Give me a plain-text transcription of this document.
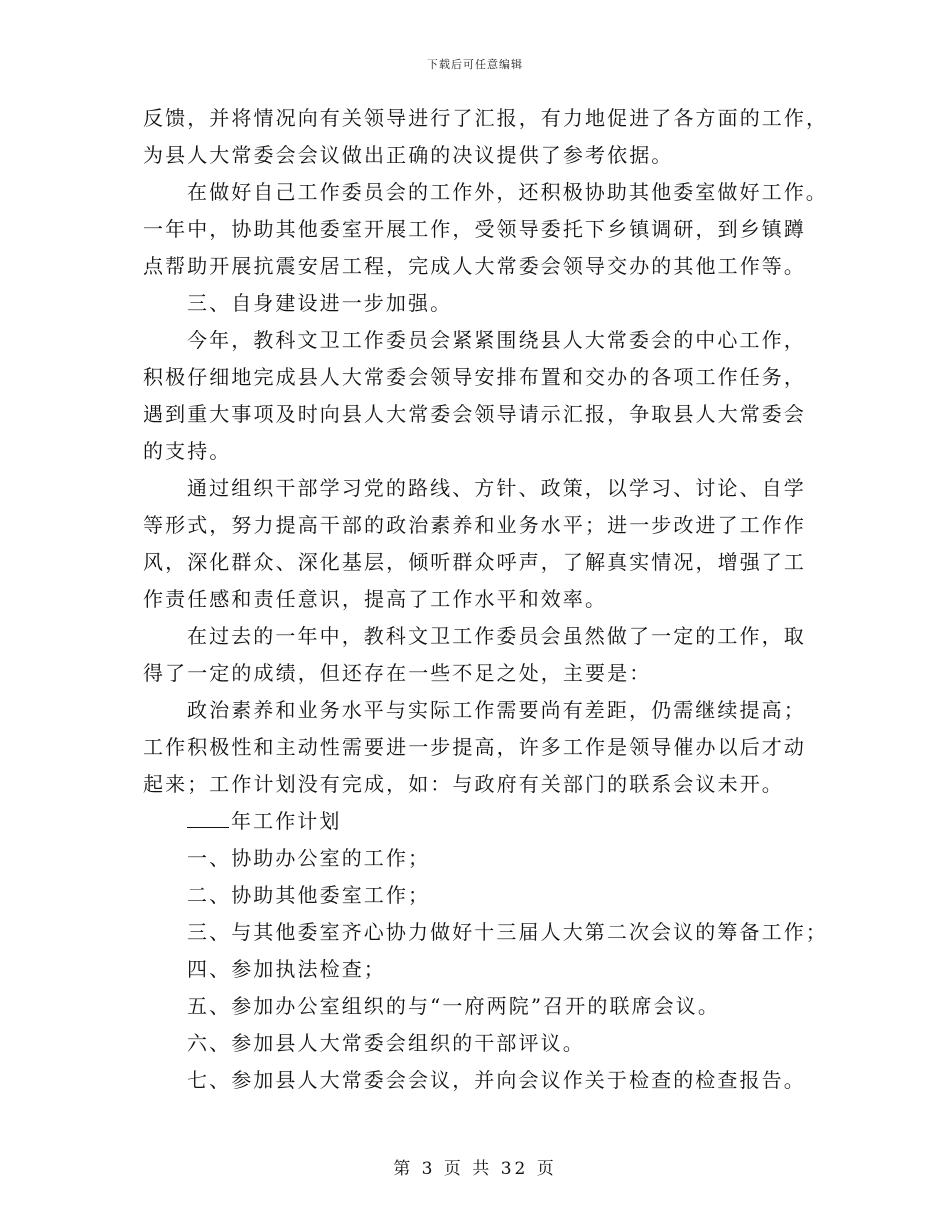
下载后可任意编辑
反馈，并将情况向有关领导进行了汇报，有力地促进了各方面的工作，
为县人大常委会会议做出正确的决议提供了参考依据。
在做好自己工作委员会的工作外，还积极协助其他委室做好工作。
一年中，协助其他委室开展工作，受领导委托下乡镇调研，到乡镇蹲
点帮助开展抗震安居工程，完成人大常委会领导交办的其他工作等。
三、自身建设进一步加强。
今年，教科文卫工作委员会紧紧围绕县人大常委会的中心工作，
积极仔细地完成县人大常委会领导安排布置和交办的各项工作任务，
遇到重大事项及时向县人大常委会领导请示汇报，争取县人大常委会
的支持。
通过组织干部学习党的路线、方针、政策，以学习、讨论、自学
等形式，努力提高干部的政治素养和业务水平；进一步改进了工作作
风，深化群众、深化基层，倾听群众呼声，了解真实情况，增强了工
作责任感和责任意识，提高了工作水平和效率。
在过去的一年中，教科文卫工作委员会虽然做了一定的工作，取
得了一定的成绩，但还存在一些不足之处，主要是：
政治素养和业务水平与实际工作需要尚有差距，仍需继续提高；
工作积极性和主动性需要进一步提高，许多工作是领导催办以后才动
起来；工作计划没有完成，如：与政府有关部门的联系会议未开。
年工作计划
一、协助办公室的工作；
二、协助其他委室工作；
三、与其他委室齐心协力做好十三届人大第二次会议的筹备工作；
四、参加执法检查；
五、参加办公室组织的与“一府两院”召开的联席会议。
六、参加县人大常委会组织的干部评议。
七、参加县人大常委会会议，并向会议作关于检查的检查报告。
第 3 页 共 32 页
